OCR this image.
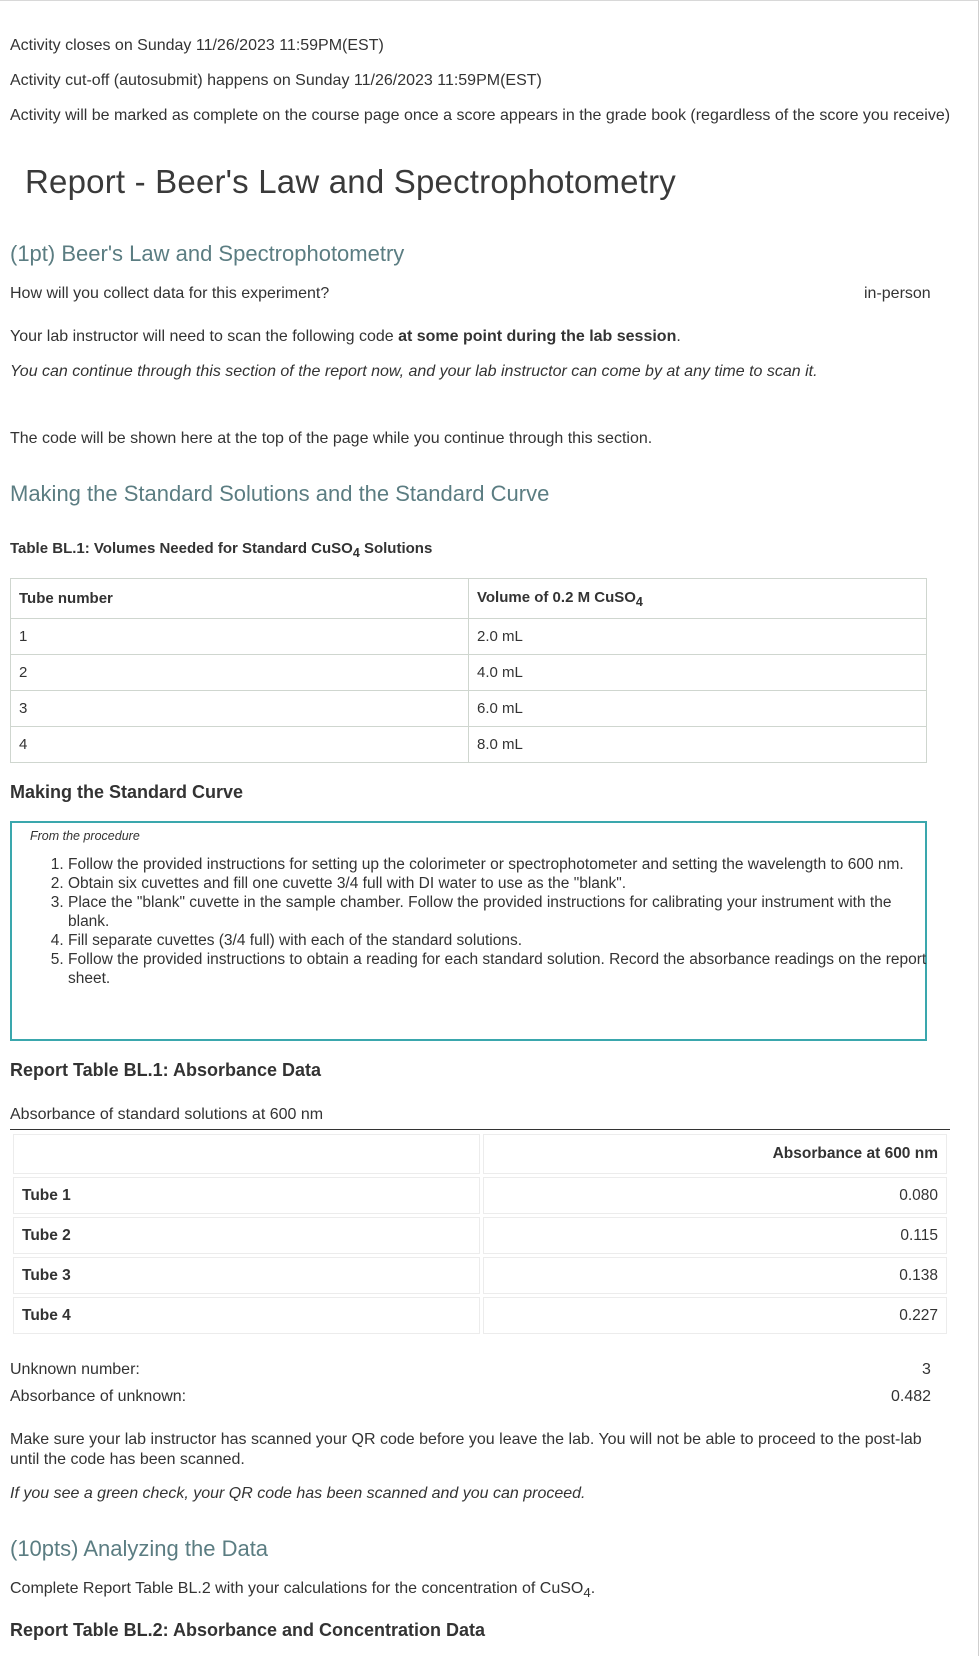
Activity closes on Sunday 11/26/2023 11:59PM(EST)
Activity cut-off (autosubmit) happens on Sunday 11/26/2023 11:59PM(EST)
Activity will be marked as complete on the course page once a score appears in the grade book (regardless of the score you receive)
Report - Beer's Law and Spectrophotometry
(1pt) Beer's Law and Spectrophotometry
How will you collect data for this experiment?	in-person
Your lab instructor will need to scan the following code at some point during the lab session.
You can continue through this section of the report now, and your lab instructor can come by at any time to scan it.
The code will be shown here at the top of the page while you continue through this section.
Making the Standard Solutions and the Standard Curve
Table BL.1: Volumes Needed for Standard CuSO$_4$ Solutions
Tube number	Volume of 0.2 M CuSO$_4$
1	2.0 mL
2	4.0 mL
3	6.0 mL
4	8.0 mL
Making the Standard Curve
From the procedure
1. Follow the provided instructions for setting up the colorimeter or spectrophotometer and setting the wavelength to 600 nm.
2. Obtain six cuvettes and fill one cuvette 3/4 full with DI water to use as the "blank".
3. Place the "blank" cuvette in the sample chamber. Follow the provided instructions for calibrating your instrument with the blank.
4. Fill separate cuvettes (3/4 full) with each of the standard solutions.
5. Follow the provided instructions to obtain a reading for each standard solution. Record the absorbance readings on the report sheet.
Report Table BL.1: Absorbance Data
Absorbance of standard solutions at 600 nm
	Absorbance at 600 nm
Tube 1	0.080
Tube 2	0.115
Tube 3	0.138
Tube 4	0.227
Unknown number:	3
Absorbance of unknown:	0.482
Make sure your lab instructor has scanned your QR code before you leave the lab. You will not be able to proceed to the post-lab
until the code has been scanned.
If you see a green check, your QR code has been scanned and you can proceed.
(10pts) Analyzing the Data
Complete Report Table BL.2 with your calculations for the concentration of CuSO$_4$.
Report Table BL.2: Absorbance and Concentration Data
